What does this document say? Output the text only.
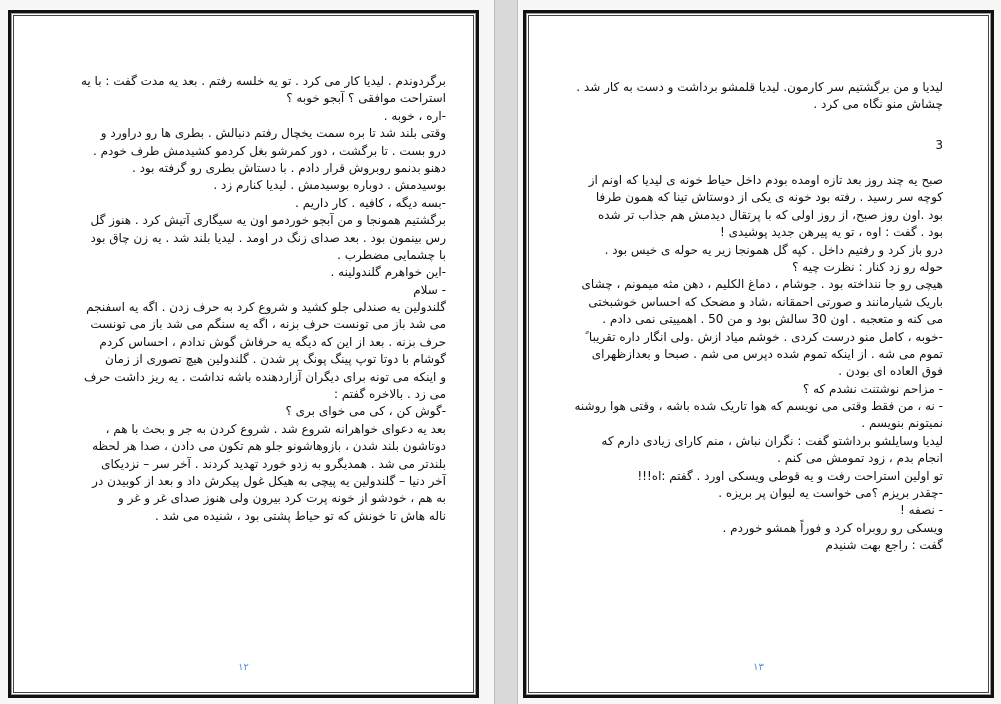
برگردوندم . لیدیا کار می کرد . تو یه خلسه رفتم . بعد یه مدت گفت : با یه
استراحت موافقی ؟ آبجو خوبه ؟
-اره ، خوبه .
وقتی بلند شد تا بره سمت یخچال رفتم دنبالش . بطری ها رو دراورد و
درو بست . تا برگشت ، دور کمرشو بغل کردمو کشیدمش طرف خودم .
دهنو بدنمو روبروش قرار دادم . با دستاش بطری رو گرفته بود .
بوسیدمش . دوباره بوسیدمش . لیدیا کنارم زد .
-بسه دیگه ، کافیه . کار داریم .
برگشتیم همونجا و من آبجو خوردمو اون یه سیگاری آتیش کرد . هنوز گل
رس بینمون بود . بعد صدای زنگ در اومد . لیدیا بلند شد . یه زن چاق بود
با چشمایی مضطرب .
-این خواهرم گلندولینه .
- سلام
گلندولین یه صندلی جلو کشید و شروع کرد به حرف زدن . اگه یه اسفنجم
می شد باز می تونست حرف بزنه ، اگه یه سنگم می شد باز می تونست
حرف بزنه . بعد از این که دیگه یه حرفاش گوش ندادم ، احساس کردم
گوشام با دوتا توپ پینگ پونگ پر شدن . گلندولین هیچ تصوری از زمان
و اینکه می تونه برای دیگران آزاردهنده باشه نداشت . یه ریز داشت حرف
می زد . بالاخره گفتم :
-گوش کن ، کی می خوای بری ؟
بعد یه دعوای خواهرانه شروع شد . شروع کردن به جر و بحث با هم ،
دوتاشون بلند شدن ، بازوهاشونو جلو هم تکون می دادن ، صدا هر لحظه
بلندتر می شد . همدیگرو به زدو خورد تهدید کردند . آخر سر – نزدیکای
آخر دنیا – گلندولین یه پیچی به هیکل غول پیکرش داد و بعد از کوبیدن در
به هم ، خودشو از خونه پرت کرد بیرون ولی هنوز صدای غر و غر و
ناله هاش تا خونش که تو حیاط پشتی بود ، شنیده می شد .
۱۲
لیدیا و من برگشتیم سر کارمون. لیدیا قلمشو برداشت و دست به کار شد .
چشاش منو نگاه می کرد .
3
صبح یه چند روز بعد تازه اومده بودم داخل حیاط خونه ی لیدیا که اونم از
کوچه سر رسید . رفته بود خونه ی یکی از دوستاش تینا که همون طرفا
بود .اون روز صبح، از روز اولی که با پرتقال دیدمش هم جذاب تر شده
بود . گفت : اوه ، تو یه پیرهن جدید پوشیدی !
درو باز کرد و رفتیم داخل . کپه گل همونجا زیر یه حوله ی خیس بود .
حوله رو زد کنار : نظرت چیه ؟
هیچی رو جا ننداخته بود . جوشام ، دماغ الکلیم ، دهن مثه میمونم ، چشای
باریک شیارمانند و صورتی احمقانه ،شاد و مضحک که احساس خوشبختی
می کنه و متعجبه . اون 30 سالش بود و من 50 . اهمییتی نمی دادم .
-خوبه ، کامل منو درست کردی . خوشم میاد ازش .ولی انگار داره تقریبا ً
تموم می شه . از اینکه تموم شده دپرس می شم . صبحا و بعدازظهرای
فوق العاده ای بودن .
- مزاحم نوشتنت نشدم که ؟
- نه ، من فقط وقتی می نویسم که هوا تاریک شده باشه ، وقتی هوا روشنه
نمیتونم بنویسم .
لیدیا وسایلشو برداشتو گفت : نگران نباش ، منم کارای زیادی دارم که
انجام بدم ، زود تمومش می کنم .
تو اولین استراحت رفت و یه قوطی ویسکی اورد . گفتم :اه!!!
-چقدر بریزم ؟می خواست یه لیوان پر بریزه .
- نصفه !
ویسکی رو روبراه کرد و فوراً همشو خوردم .
گفت : راجع بهت شنیدم
۱۳
